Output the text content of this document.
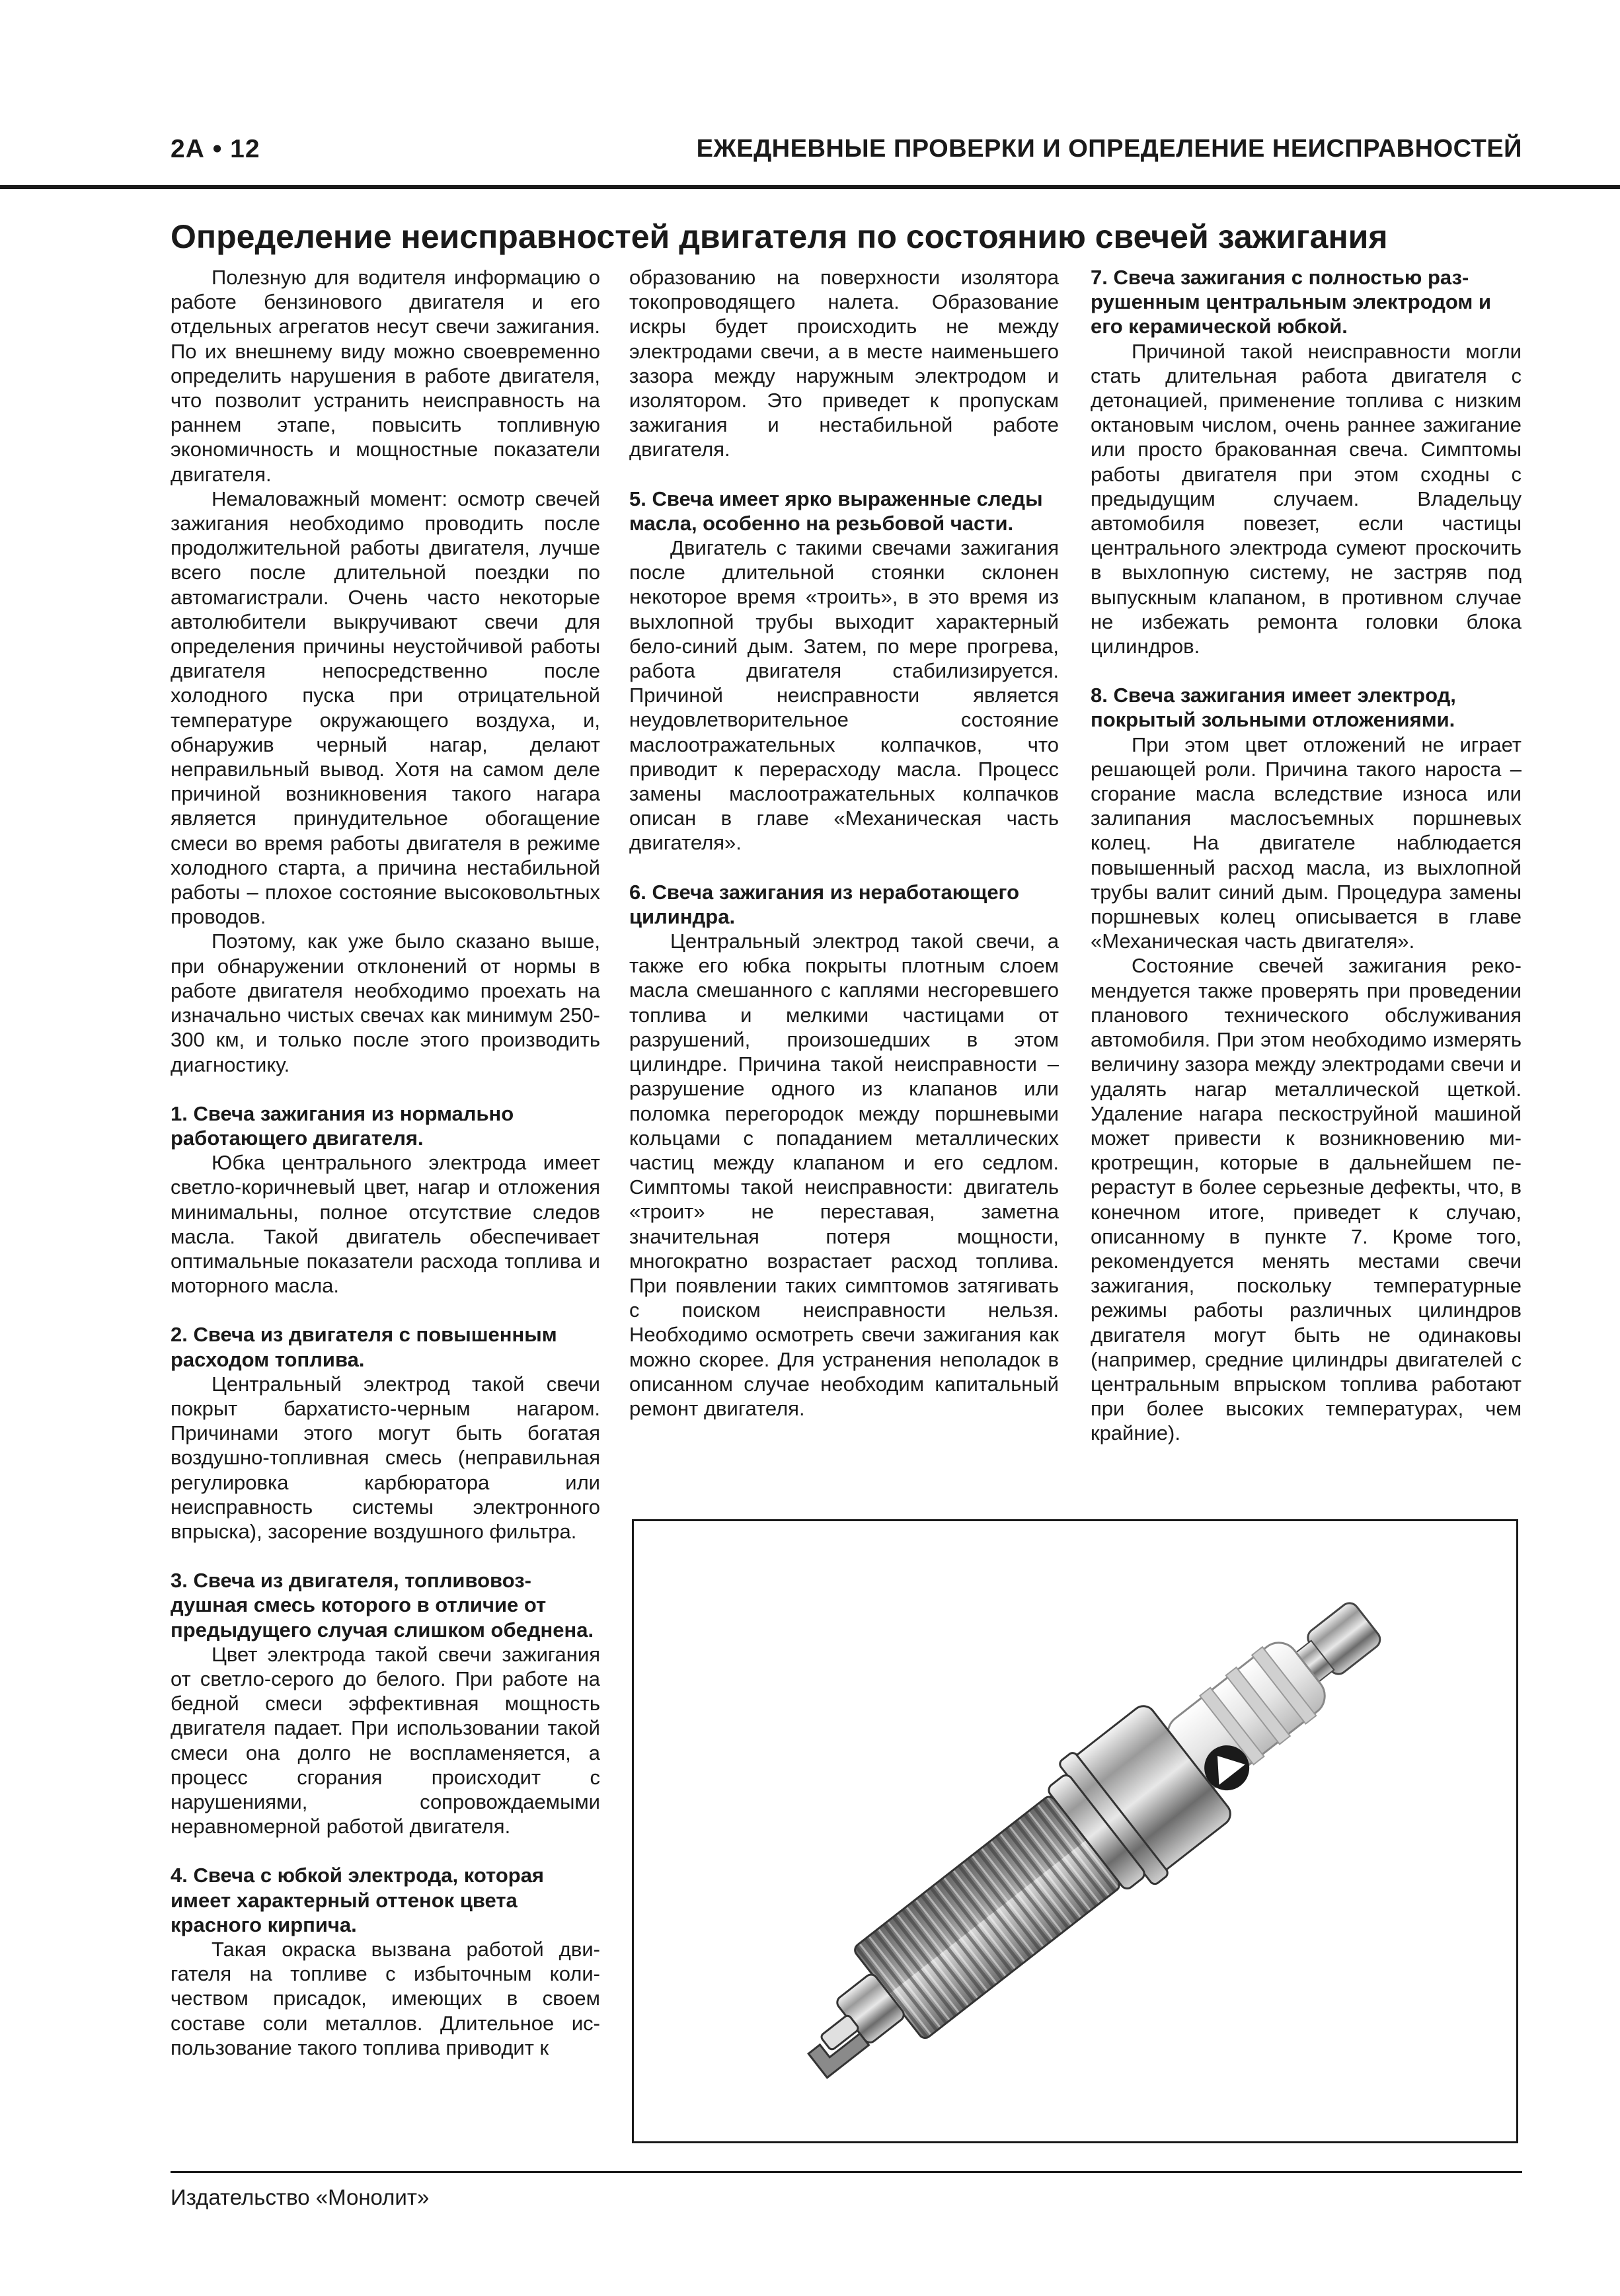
2А • 12	ЕЖЕДНЕВНЫЕ ПРОВЕРКИ И ОПРЕДЕЛЕНИЕ НЕИСПРАВНОСТЕЙ
Определение неисправностей двигателя по состоянию свечей зажигания

Полезную для водителя информацию о работе бензинового двигателя и его отдельных агрегатов несут свечи зажигания. По их внешнему виду можно своевременно определить нарушения в работе двигателя, что позволит устранить неисправность на раннем этапе, повысить топливную экономичность и мощностные показатели двигателя.

Немаловажный момент: осмотр свечей зажигания необходимо проводить после продолжительной работы двигателя, лучше всего после длительной поездки по автомагистрали. Очень часто некоторые автолюбители выкручивают свечи для определения причины неустойчивой работы двигателя непосредственно после холодного пуска при отрицательной температуре окружающего воздуха, и, обнаружив черный нагар, делают неправильный вывод. Хотя на самом деле причиной возникновения такого нагара является принудительное обогащение смеси во время работы двигателя в режиме холодного старта, а причина нестабильной работы – плохое состояние высоковольтных проводов.

Поэтому, как уже было сказано выше, при обнаружении отклонений от нормы в работе двигателя необходимо проехать на изначально чистых свечах как минимум 250-300 км, и только после этого производить диагностику.

1. Свеча зажигания из нормально работающего двигателя.

Юбка центрального электрода имеет светло-коричневый цвет, нагар и отложения минимальны, полное отсутствие следов масла. Такой двигатель обеспечивает оптимальные показатели расхода топлива и моторного масла.

2. Свеча из двигателя с повышенным расходом топлива.

Центральный электрод такой свечи покрыт бархатисто-черным нагаром. Причинами этого могут быть богатая воздушно-топливная смесь (неправильная регулировка карбюратора или неисправность системы электронного впрыска), засорение воздушного фильтра.

3. Свеча из двигателя, топливовоздушная смесь которого в отличие от предыдущего случая слишком обеднена.

Цвет электрода такой свечи зажигания от светло-серого до белого. При работе на бедной смеси эффективная мощность двигателя падает. При использовании такой смеси она долго не воспламеняется, а процесс сгорания происходит с нарушениями, сопровождаемыми неравномерной работой двигателя.

4. Свеча с юбкой электрода, которая имеет характерный оттенок цвета красного кирпича.

Такая окраска вызвана работой двигателя на топливе с избыточным количеством присадок, имеющих в своем составе соли металлов. Длительное использование такого топлива приводит к

образованию на поверхности изолятора токопроводящего налета. Образование искры будет происходить не между электродами свечи, а в месте наименьшего зазора между наружным электродом и изолятором. Это приведет к пропускам зажигания и нестабильной работе двигателя.

5. Свеча имеет ярко выраженные следы масла, особенно на резьбовой части.

Двигатель с такими свечами зажигания после длительной стоянки склонен некоторое время «троить», в это время из выхлопной трубы выходит характерный бело-синий дым. Затем, по мере прогрева, работа двигателя стабилизируется. Причиной неисправности является неудовлетворительное состояние маслоотражательных колпачков, что приводит к перерасходу масла. Процесс замены маслоотражательных колпачков описан в главе «Механическая часть двигателя».

6. Свеча зажигания из неработающего цилиндра.

Центральный электрод такой свечи, а также его юбка покрыты плотным слоем масла смешанного с каплями несгоревшего топлива и мелкими частицами от разрушений, произошедших в этом цилиндре. Причина такой неисправности – разрушение одного из клапанов или поломка перегородок между поршневыми кольцами с попаданием металлических частиц между клапаном и его седлом. Симптомы такой неисправности: двигатель «троит» не переставая, заметна значительная потеря мощности, многократно возрастает расход топлива. При появлении таких симптомов затягивать с поиском неисправности нельзя. Необходимо осмотреть свечи зажигания как можно скорее. Для устранения неполадок в описанном случае необходим капитальный ремонт двигателя.

7. Свеча зажигания с полностью разрушенным центральным электродом и его керамической юбкой.

Причиной такой неисправности могли стать длительная работа двигателя с детонацией, применение топлива с низким октановым числом, очень раннее зажигание или просто бракованная свеча. Симптомы работы двигателя при этом сходны с предыдущим случаем. Владельцу автомобиля повезет, если частицы центрального электрода сумеют проскочить в выхлопную систему, не застряв под выпускным клапаном, в противном случае не избежать ремонта головки блока цилиндров.

8. Свеча зажигания имеет электрод, покрытый зольными отложениями.

При этом цвет отложений не играет решающей роли. Причина такого нароста – сгорание масла вследствие износа или залипания маслосъемных поршневых колец. На двигателе наблюдается повышенный расход масла, из выхлопной трубы валит синий дым. Процедура замены поршневых колец описывается в главе «Механическая часть двигателя».

Состояние свечей зажигания рекомендуется также проверять при проведении планового технического обслуживания автомобиля. При этом необходимо измерять величину зазора между электродами свечи и удалять нагар металлической щеткой. Удаление нагара пескоструйной машиной может привести к возникновению микротрещин, которые в дальнейшем перерастут в более серьезные дефекты, что, в конечном итоге, приведет к случаю, описанному в пункте 7. Кроме того, рекомендуется менять местами свечи зажигания, поскольку температурные режимы работы различных цилиндров двигателя могут быть не одинаковы (например, средние цилиндры двигателей с центральным впрыском топлива работают при более высоких температурах, чем крайние).

Издательство «Монолит»
